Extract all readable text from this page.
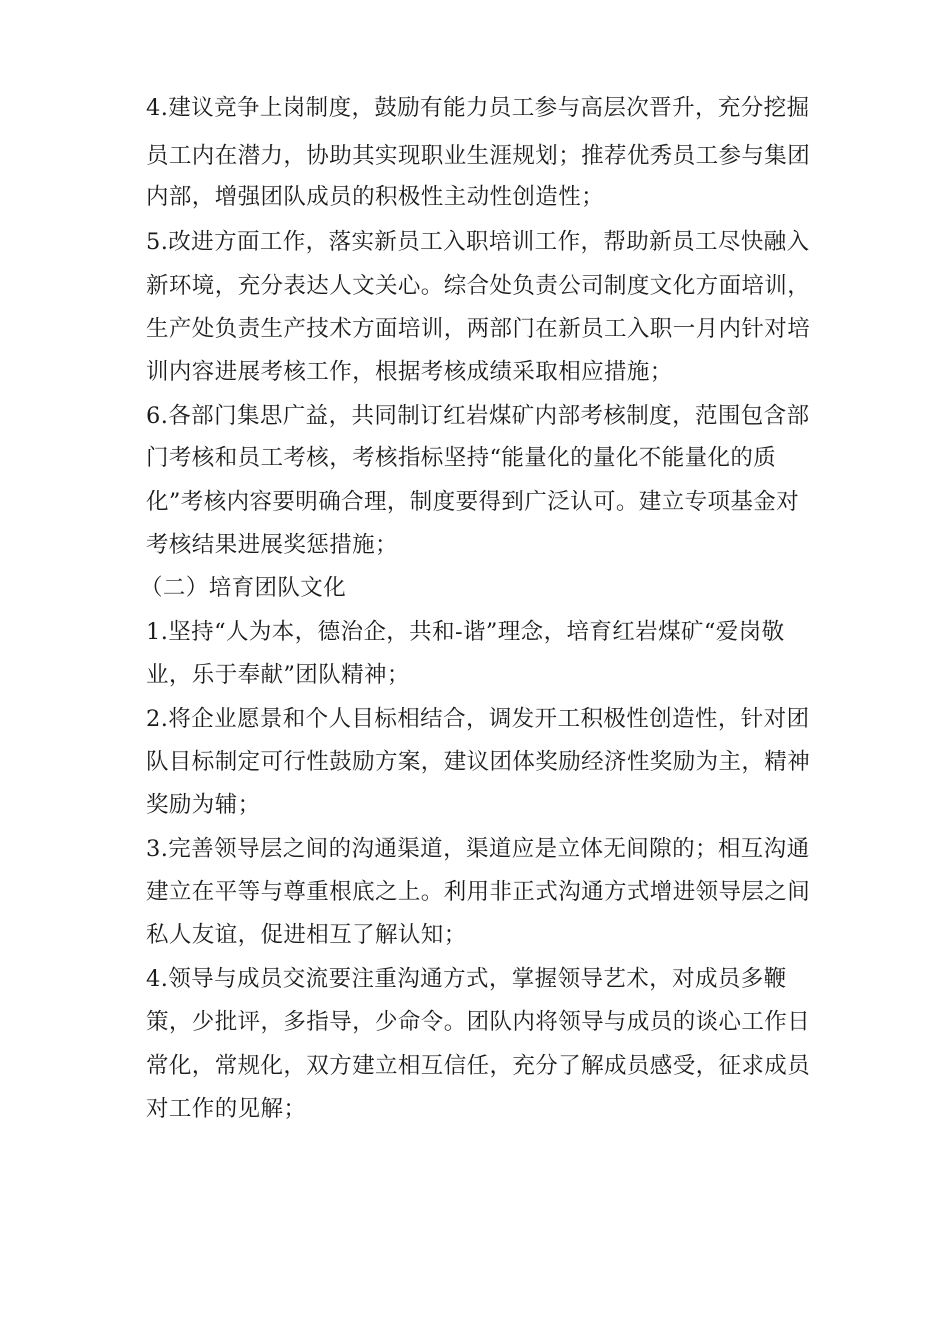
4.建议竞争上岗制度，鼓励有能力员工参与高层次晋升，充分挖掘
员工内在潜力，协助其实现职业生涯规划；推荐优秀员工参与集团
内部，增强团队成员的积极性主动性创造性；
5.改进方面工作，落实新员工入职培训工作，帮助新员工尽快融入
新环境，充分表达人文关心。综合处负责公司制度文化方面培训，
生产处负责生产技术方面培训，两部门在新员工入职一月内针对培
训内容进展考核工作，根据考核成绩采取相应措施；
6.各部门集思广益，共同制订红岩煤矿内部考核制度，范围包含部
门考核和员工考核，考核指标坚持“能量化的量化不能量化的质
化”考核内容要明确合理，制度要得到广泛认可。建立专项基金对
考核结果进展奖惩措施；
（二）培育团队文化
1.坚持“人为本，德治企，共和-谐”理念，培育红岩煤矿“爱岗敬
业，乐于奉献”团队精神；
2.将企业愿景和个人目标相结合，调发开工积极性创造性，针对团
队目标制定可行性鼓励方案，建议团体奖励经济性奖励为主，精神
奖励为辅；
3.完善领导层之间的沟通渠道，渠道应是立体无间隙的；相互沟通
建立在平等与尊重根底之上。利用非正式沟通方式增进领导层之间
私人友谊，促进相互了解认知；
4.领导与成员交流要注重沟通方式，掌握领导艺术，对成员多鞭
策，少批评，多指导，少命令。团队内将领导与成员的谈心工作日
常化，常规化，双方建立相互信任，充分了解成员感受，征求成员
对工作的见解；
